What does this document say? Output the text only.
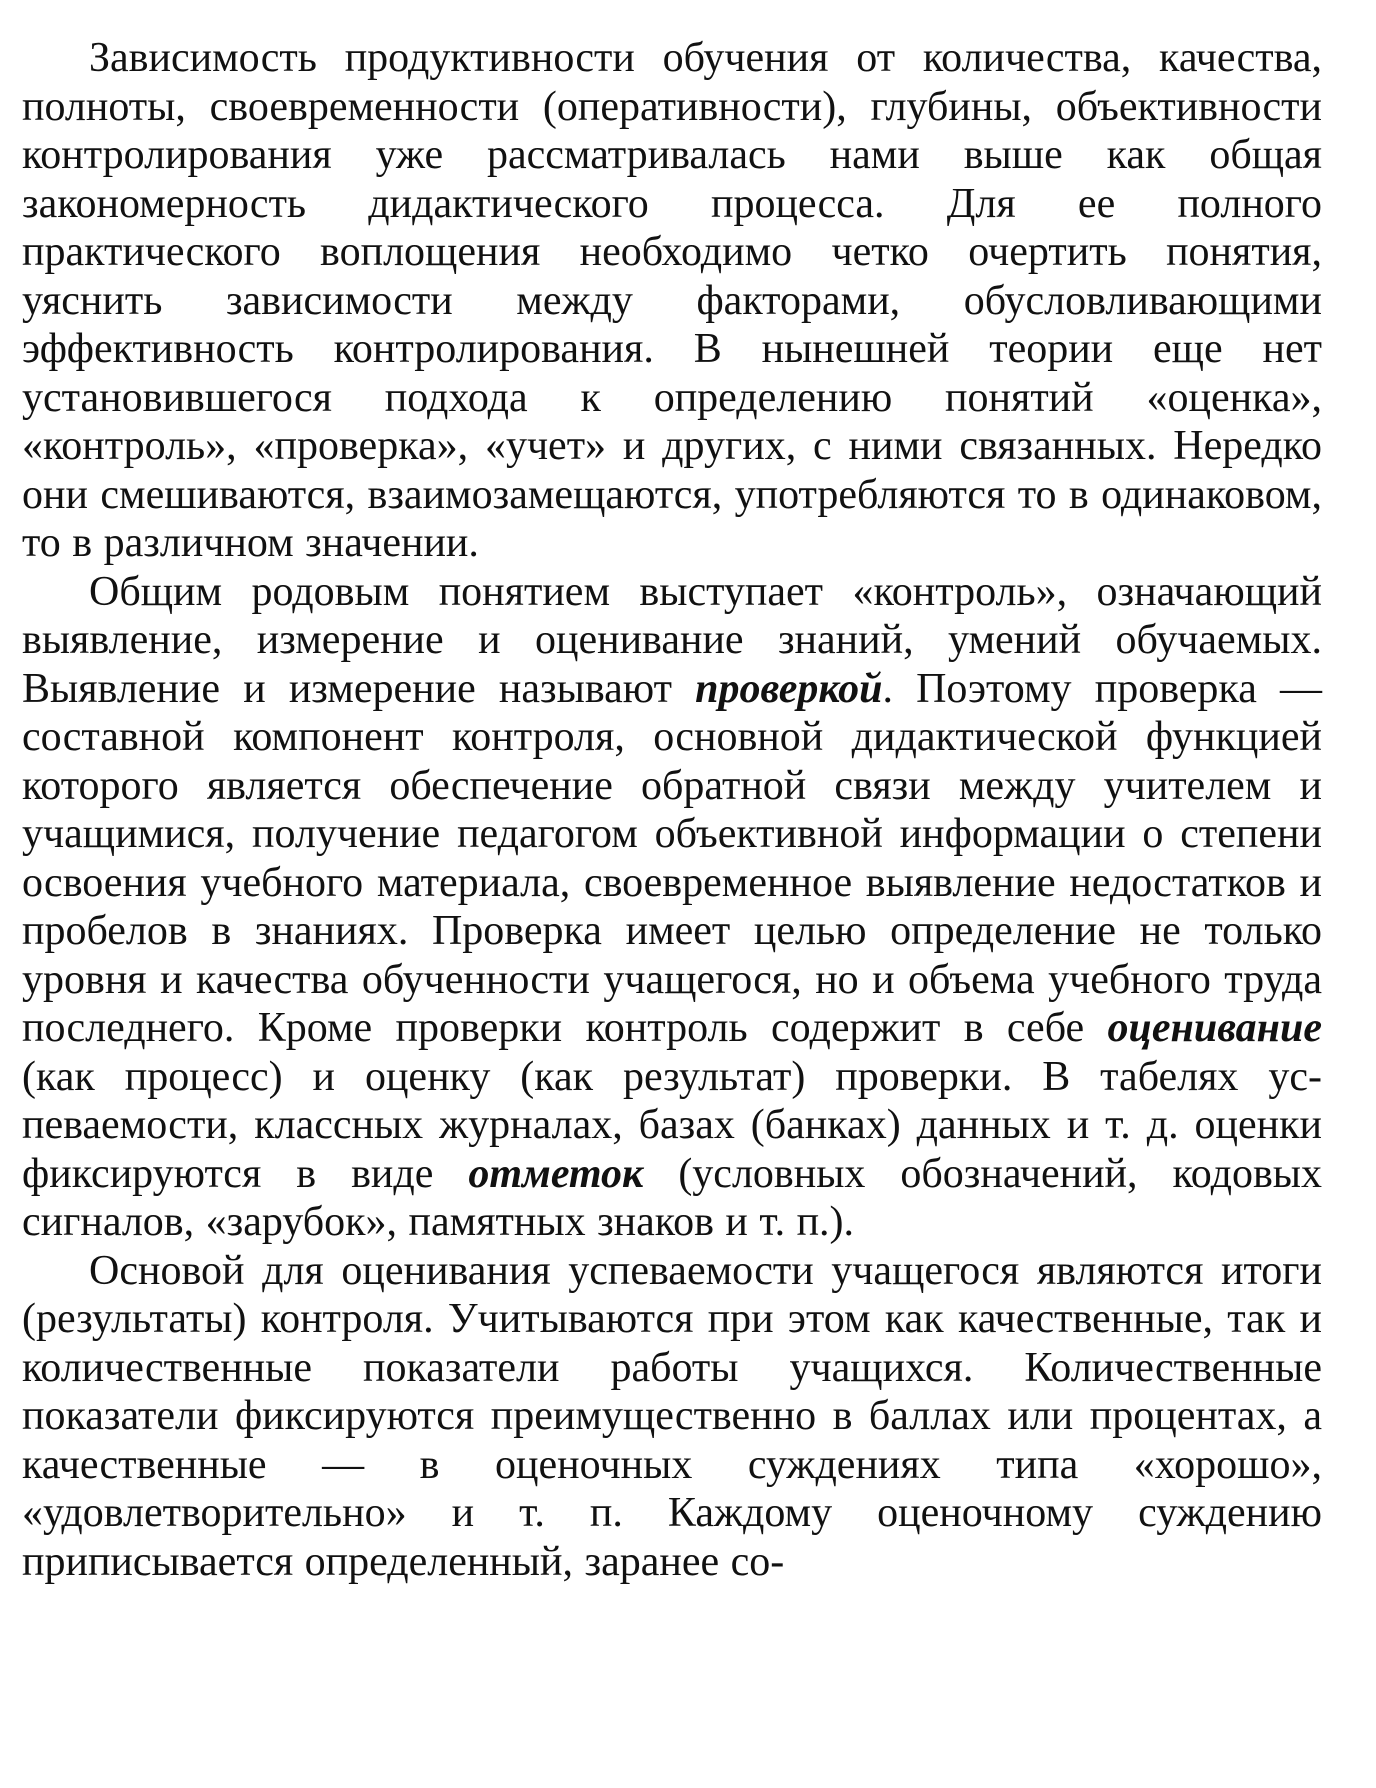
Зависимость продуктивности обучения от количества, качества, полноты, своевременности (оперативности), глубины, объективности контролирования уже рассматривалась нами выше как общая закономерность дидактического процесса. Для ее полного практического воплощения необходимо четко очертить понятия, уяснить зависимости между факторами, обусловливающими эффективность контролирования. В нынешней теории еще нет установившегося подхода к определению понятий «оценка», «контроль», «проверка», «учет» и других, с ними связанных. Нередко они смешиваются, взаимозамещаются, употребляются то в одинаковом, то в различном значении.

Общим родовым понятием выступает «контроль», означающий выявление, измерение и оценивание знаний, умений обучаемых. Выявление и измерение называют проверкой. Поэтому проверка — составной компонент контроля, основной дидактической функцией которого является обеспечение обратной связи между учителем и учащимися, получение педагогом объективной информации о степени освоения учебного материала, своевременное выявление недостатков и пробелов в знаниях. Проверка имеет целью определение не только уровня и качества обученности учащегося, но и объема учебного труда последнего. Кроме проверки контроль содержит в себе оценивание (как процесс) и оценку (как результат) проверки. В табелях успеваемости, классных журналах, базах (банках) данных и т. д. оценки фиксируются в виде отметок (условных обозначений, кодовых сигналов, «зарубок», памятных знаков и т. п.).

Основой для оценивания успеваемости учащегося являются итоги (результаты) контроля. Учитываются при этом как качественные, так и количественные показатели работы учащихся. Количественные показатели фиксируются преимущественно в баллах или процентах, а качественные — в оценочных суждениях типа «хорошо», «удовлетворительно» и т. п. Каждому оценочному суждению приписывается определенный, заранее со-
